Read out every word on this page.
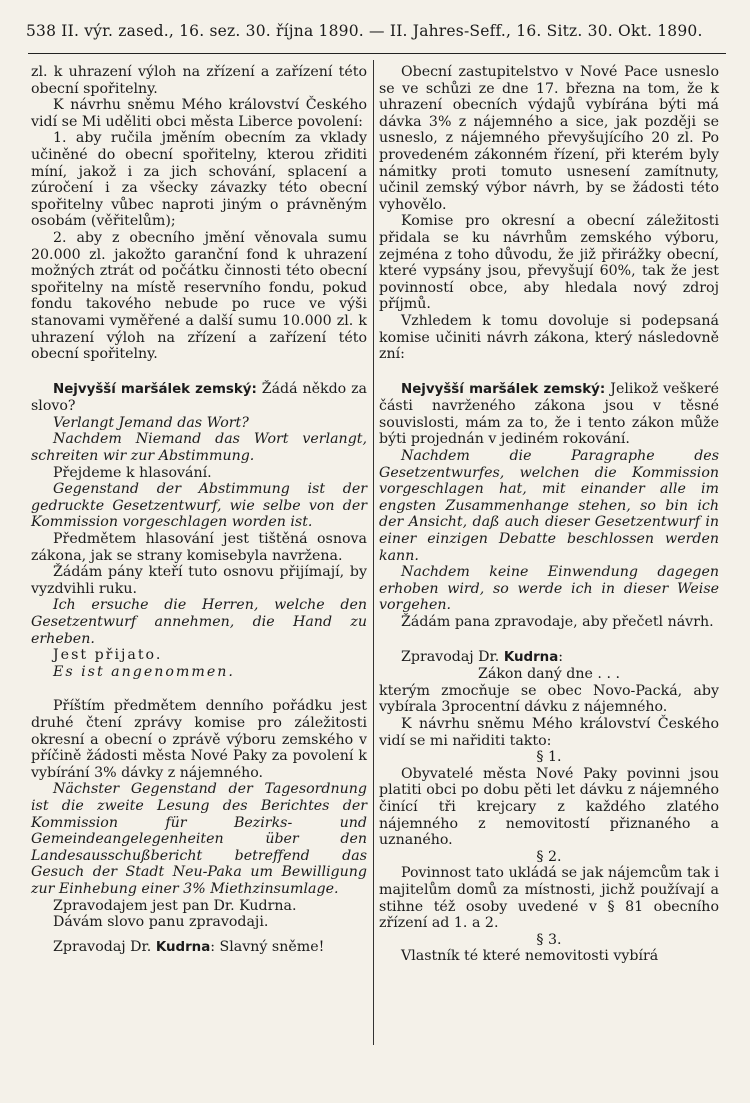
538 II. výr. zased., 16. sez. 30. října 1890. — II. Jahres-Seff., 16. Sitz. 30. Okt. 1890.

zl. k uhrazení výloh na zřízení a zařízení této obecní spořitelny.

K návrhu sněmu Mého království Českého vidí se Mi uděliti obci města Liberce povolení:

1. aby ručila jměním obecním za vklady učiněné do obecní spořitelny, kterou zřiditi míní, jakož i za jich schování, splacení a zúročení i za všecky závazky této obecní spořitelny vůbec naproti jiným o právněným osobám (věřitelům);

2. aby z obecního jmění věnovala sumu 20.000 zl. jakožto garanční fond k uhrazení možných ztrát od počátku činnosti této obecní spořitelny na místě reservního fondu, pokud fondu takového nebude po ruce ve výši stanovami vyměřené a další sumu 10.000 zl. k uhrazení výloh na zřízení a zařízení této obecní spořitelny.

Nejvyšší maršálek zemský: Žádá někdo za slovo?

Verlangt Jemand das Wort?

Nachdem Niemand das Wort verlangt, schreiten wir zur Abstimmung.

Přejdeme k hlasování.

Gegenstand der Abstimmung ist der gedruckte Gesetzentwurf, wie selbe von der Kommission vorgeschlagen worden ist.

Předmětem hlasování jest tištěná osnova zákona, jak se strany komisebyla navržena.

Žádám pány kteří tuto osnovu přijímají, by vyzdvihli ruku.

Ich ersuche die Herren, welche den Gesetzentwurf annehmen, die Hand zu erheben.

Jest přijato.

Es ist angenommen.

Příštím předmětem denního pořádku jest druhé čtení zprávy komise pro záležitosti okresní a obecní o zprávě výboru zemského v příčině žádosti města Nové Paky za povolení k vybírání 3% dávky z nájemného.

Nächster Gegenstand der Tagesordnung ist die zweite Lesung des Berichtes der Kommission für Bezirks- und Gemeindeangelegenheiten über den Landesausschußbericht betreffend das Gesuch der Stadt Neu-Paka um Bewilligung zur Einhebung einer 3% Miethzinsumlage.

Zpravodajem jest pan Dr. Kudrna.

Dávám slovo panu zpravodaji.

Zpravodaj Dr. Kudrna: Slavný sněme!

Obecní zastupitelstvo v Nové Pace usneslo se ve schůzi ze dne 17. března na tom, že k uhrazení obecních výdajů vybírána býti má dávka 3% z nájemného a sice, jak později se usneslo, z nájemného převyšujícího 20 zl. Po provedeném zákonném řízení, při kterém byly námitky proti tomuto usnesení zamítnuty, učinil zemský výbor návrh, by se žádosti této vyhovělo.

Komise pro okresní a obecní záležitosti přidala se ku návrhům zemského výboru, zejména z toho důvodu, že již přirážky obecní, které vypsány jsou, převyšují 60%, tak že jest povinností obce, aby hledala nový zdroj příjmů.

Vzhledem k tomu dovoluje si podepsaná komise učiniti návrh zákona, který následovně zní:

Nejvyšší maršálek zemský: Jelikož veškeré části navrženého zákona jsou v těsné souvislosti, mám za to, že i tento zákon může býti projednán v jediném rokování.

Nachdem die Paragraphe des Gesetzentwurfes, welchen die Kommission vorgeschlagen hat, mit einander alle im engsten Zusammenhange stehen, so bin ich der Ansicht, daß auch dieser Gesetzentwurf in einer einzigen Debatte beschlossen werden kann.

Nachdem keine Einwendung dagegen erhoben wird, so werde ich in dieser Weise vorgehen.

Žádám pana zpravodaje, aby přečetl návrh.

Zpravodaj Dr. Kudrna:

Zákon daný dne . . .

kterým zmocňuje se obec Novo-Packá, aby vybírala 3procentní dávku z nájemného.

K návrhu sněmu Mého království Českého vidí se mi nařiditi takto:

§ 1.

Obyvatelé města Nové Paky povinni jsou platiti obci po dobu pěti let dávku z nájemného činící tři krejcary z každého zlatého nájemného z nemovitostí přiznaného a uznaného.

§ 2.

Povinnost tato ukládá se jak nájemcům tak i majitelům domů za místnosti, jichž používají a stihne též osoby uvedené v § 81 obecního zřízení ad 1. a 2.

§ 3.

Vlastník té které nemovitosti vybírá
